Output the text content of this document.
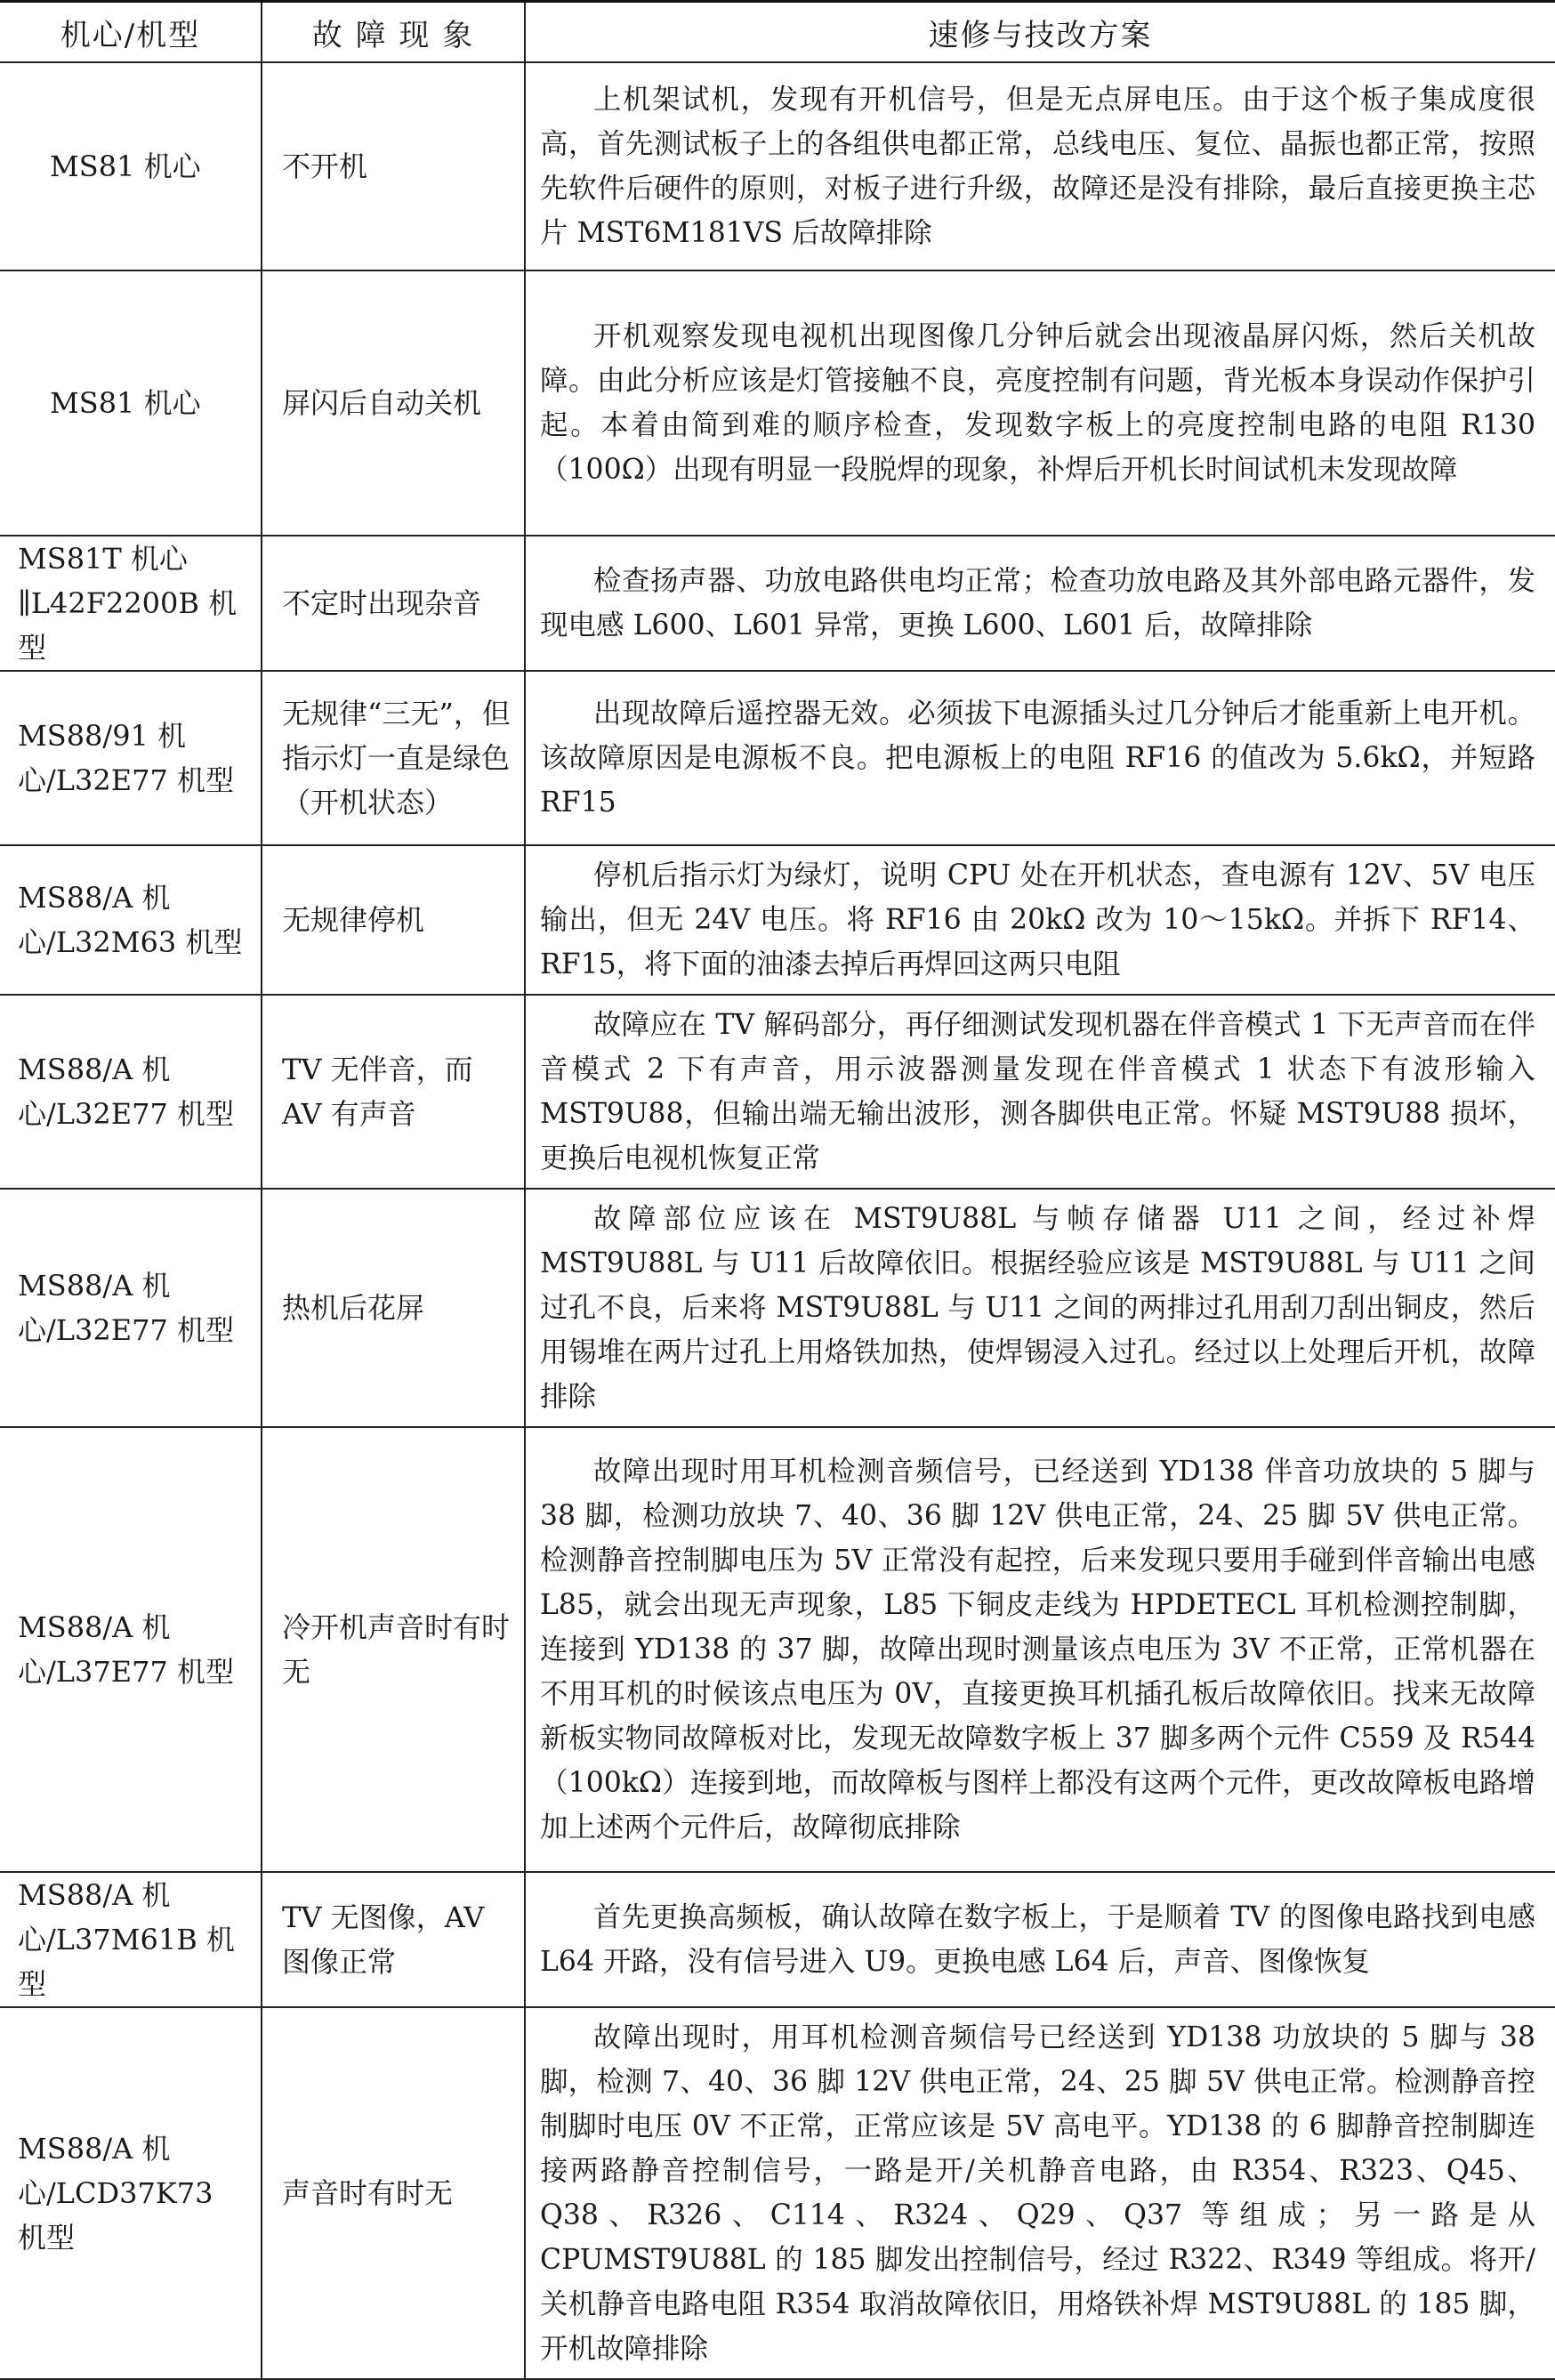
机心/机型	故 障 现 象	速修与技改方案
MS81 机心	不开机	上机架试机，发现有开机信号，但是无点屏电压。由于这个板子集成度很高，首先测试板子上的各组供电都正常，总线电压、复位、晶振也都正常，按照先软件后硬件的原则，对板子进行升级，故障还是没有排除，最后直接更换主芯片 MST6M181VS 后故障排除
MS81 机心	屏闪后自动关机	开机观察发现电视机出现图像几分钟后就会出现液晶屏闪烁，然后关机故障。由此分析应该是灯管接触不良，亮度控制有问题，背光板本身误动作保护引起。本着由简到难的顺序检查，发现数字板上的亮度控制电路的电阻 R130（100Ω）出现有明显一段脱焊的现象，补焊后开机长时间试机未发现故障
MS81T 机心∥L42F2200B 机型	不定时出现杂音	检查扬声器、功放电路供电均正常；检查功放电路及其外部电路元器件，发现电感 L600、L601 异常，更换 L600、L601 后，故障排除
MS88/91 机心/L32E77 机型	无规律“三无”，但指示灯一直是绿色（开机状态）	出现故障后遥控器无效。必须拔下电源插头过几分钟后才能重新上电开机。该故障原因是电源板不良。把电源板上的电阻 RF16 的值改为 5.6kΩ，并短路 RF15
MS88/A 机心/L32M63 机型	无规律停机	停机后指示灯为绿灯，说明 CPU 处在开机状态，查电源有 12V、5V 电压输出，但无 24V 电压。将 RF16 由 20kΩ 改为 10～15kΩ。并拆下 RF14、RF15，将下面的油漆去掉后再焊回这两只电阻
MS88/A 机心/L32E77 机型	TV 无伴音，而 AV 有声音	故障应在 TV 解码部分，再仔细测试发现机器在伴音模式 1 下无声音而在伴音模式 2 下有声音，用示波器测量发现在伴音模式 1 状态下有波形输入 MST9U88，但输出端无输出波形，测各脚供电正常。怀疑 MST9U88 损坏，更换后电视机恢复正常
MS88/A 机心/L32E77 机型	热机后花屏	故障部位应该在 MST9U88L 与帧存储器 U11 之间，经过补焊 MST9U88L 与 U11 后故障依旧。根据经验应该是 MST9U88L 与 U11 之间过孔不良，后来将 MST9U88L 与 U11 之间的两排过孔用刮刀刮出铜皮，然后用锡堆在两片过孔上用烙铁加热，使焊锡浸入过孔。经过以上处理后开机，故障排除
MS88/A 机心/L37E77 机型	冷开机声音时有时无	故障出现时用耳机检测音频信号，已经送到 YD138 伴音功放块的 5 脚与 38 脚，检测功放块 7、40、36 脚 12V 供电正常，24、25 脚 5V 供电正常。检测静音控制脚电压为 5V 正常没有起控，后来发现只要用手碰到伴音输出电感 L85，就会出现无声现象，L85 下铜皮走线为 HPDETECL 耳机检测控制脚，连接到 YD138 的 37 脚，故障出现时测量该点电压为 3V 不正常，正常机器在不用耳机的时候该点电压为 0V，直接更换耳机插孔板后故障依旧。找来无故障新板实物同故障板对比，发现无故障数字板上 37 脚多两个元件 C559 及 R544（100kΩ）连接到地，而故障板与图样上都没有这两个元件，更改故障板电路增加上述两个元件后，故障彻底排除
MS88/A 机心/L37M61B 机型	TV 无图像，AV 图像正常	首先更换高频板，确认故障在数字板上，于是顺着 TV 的图像电路找到电感 L64 开路，没有信号进入 U9。更换电感 L64 后，声音、图像恢复
MS88/A 机心/LCD37K73 机型	声音时有时无	故障出现时，用耳机检测音频信号已经送到 YD138 功放块的 5 脚与 38 脚，检测 7、40、36 脚 12V 供电正常，24、25 脚 5V 供电正常。检测静音控制脚时电压 0V 不正常，正常应该是 5V 高电平。YD138 的 6 脚静音控制脚连接两路静音控制信号，一路是开/关机静音电路，由 R354、R323、Q45、Q38、R326、C114、R324、Q29、Q37 等组成；另一路是从 CPUMST9U88L 的 185 脚发出控制信号，经过 R322、R349 等组成。将开/关机静音电路电阻 R354 取消故障依旧，用烙铁补焊 MST9U88L 的 185 脚，开机故障排除
